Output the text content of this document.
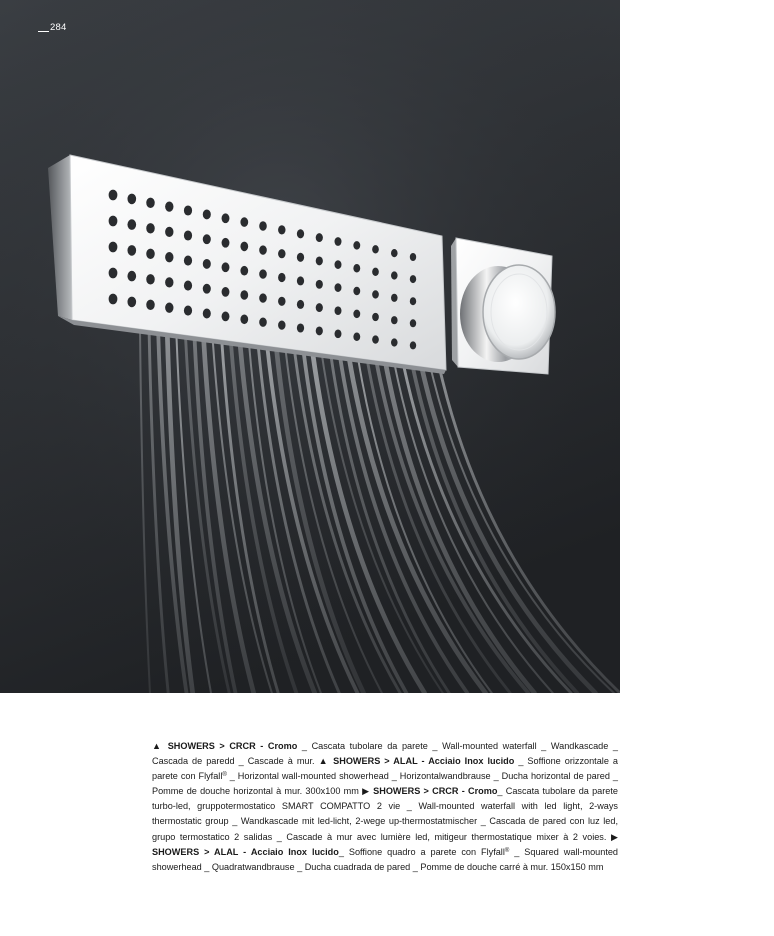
284
▲ SHOWERS > CRCR - Cromo _ Cascata tubolare da parete _ Wall-mounted waterfall _ Wandkascade _ Cascada de paredd _ Cascade à mur. ▲ SHOWERS > ALAL - Acciaio Inox lucido _ Soffione orizzontale a parete con Flyfall® _ Horizontal wall-mounted showerhead _ Horizontalwandbrause _ Ducha horizontal de pared _ Pomme de douche horizontal à mur. 300x100 mm ▶ SHOWERS > CRCR - Cromo_ Cascata tubolare da parete turbo-led, gruppotermostatico SMART COMPATTO 2 vie _ Wall-mounted waterfall with led light, 2-ways thermostatic group _ Wandkascade mit led-licht, 2-wege up-thermostatmischer _ Cascada de pared con luz led, grupo termostatico 2 salidas _ Cascade à mur avec lumière led, mitigeur thermostatique mixer à 2 voies. ▶ SHOWERS > ALAL - Acciaio Inox lucido_ Soffione quadro a parete con Flyfall® _ Squared wall-mounted showerhead _ Quadratwandbrause _ Ducha cuadrada de pared _ Pomme de douche carré à mur. 150x150 mm
